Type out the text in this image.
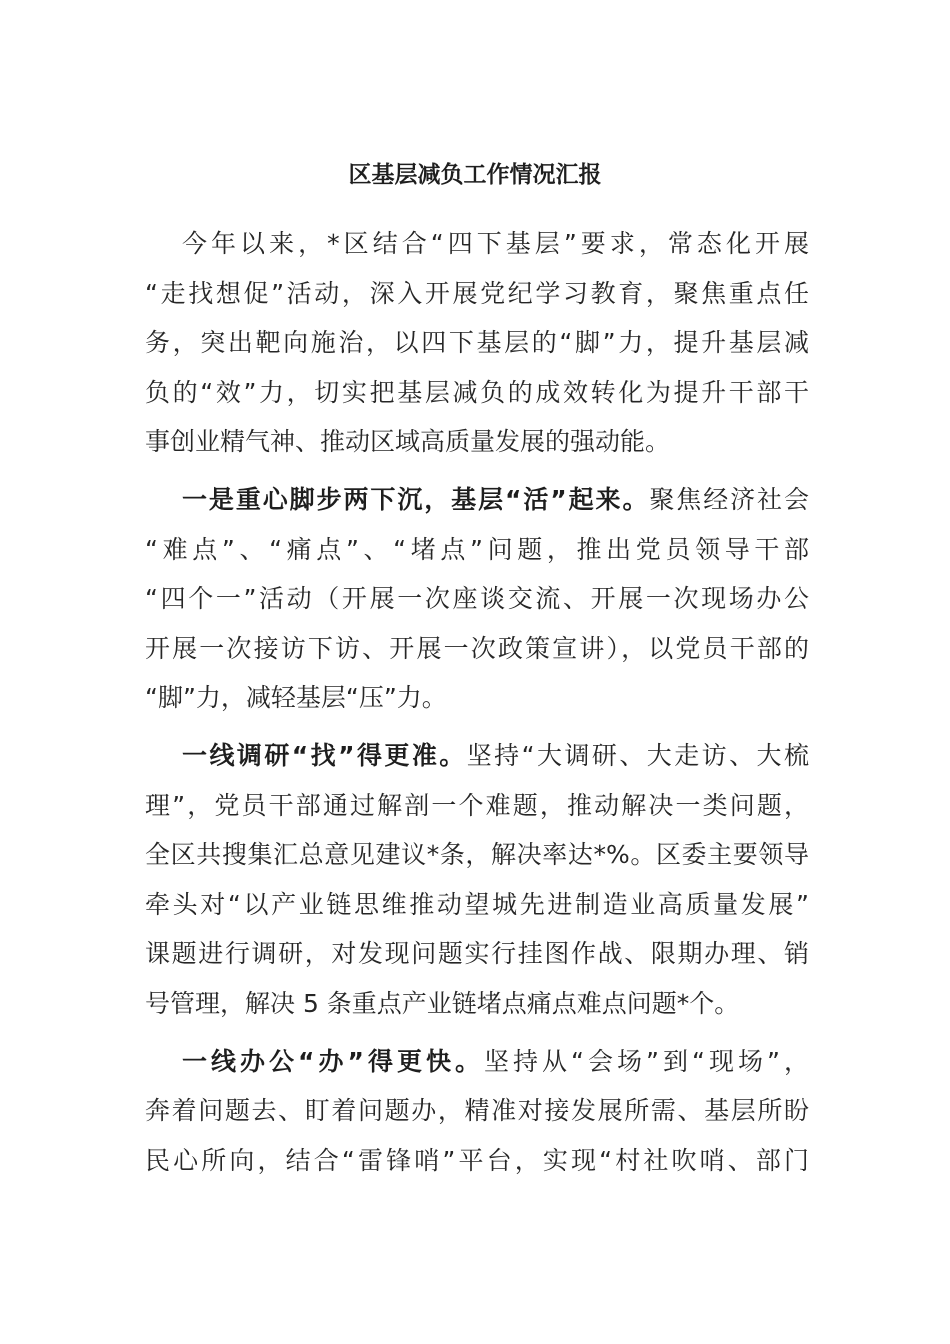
区基层减负工作情况汇报
今年以来，*区结合“四下基层”要求，常态化开展
“走找想促”活动，深入开展党纪学习教育，聚焦重点任
务，突出靶向施治，以四下基层的“脚”力，提升基层减
负的“效”力，切实把基层减负的成效转化为提升干部干
事创业精气神、推动区域高质量发展的强动能。
一是重心脚步两下沉，基层“活”起来。聚焦经济社会
“难点”、“痛点”、“堵点”问题，推出党员领导干部
“四个一”活动（开展一次座谈交流、开展一次现场办公
开展一次接访下访、开展一次政策宣讲），以党员干部的
“脚”力，减轻基层“压”力。
一线调研“找”得更准。坚持“大调研、大走访、大梳
理”，党员干部通过解剖一个难题，推动解决一类问题，
全区共搜集汇总意见建议*条，解决率达*%。区委主要领导
牵头对“以产业链思维推动望城先进制造业高质量发展”
课题进行调研，对发现问题实行挂图作战、限期办理、销
号管理，解决 5 条重点产业链堵点痛点难点问题*个。
一线办公“办”得更快。坚持从“会场”到“现场”，
奔着问题去、盯着问题办，精准对接发展所需、基层所盼
民心所向，结合“雷锋哨”平台，实现“村社吹哨、部门
